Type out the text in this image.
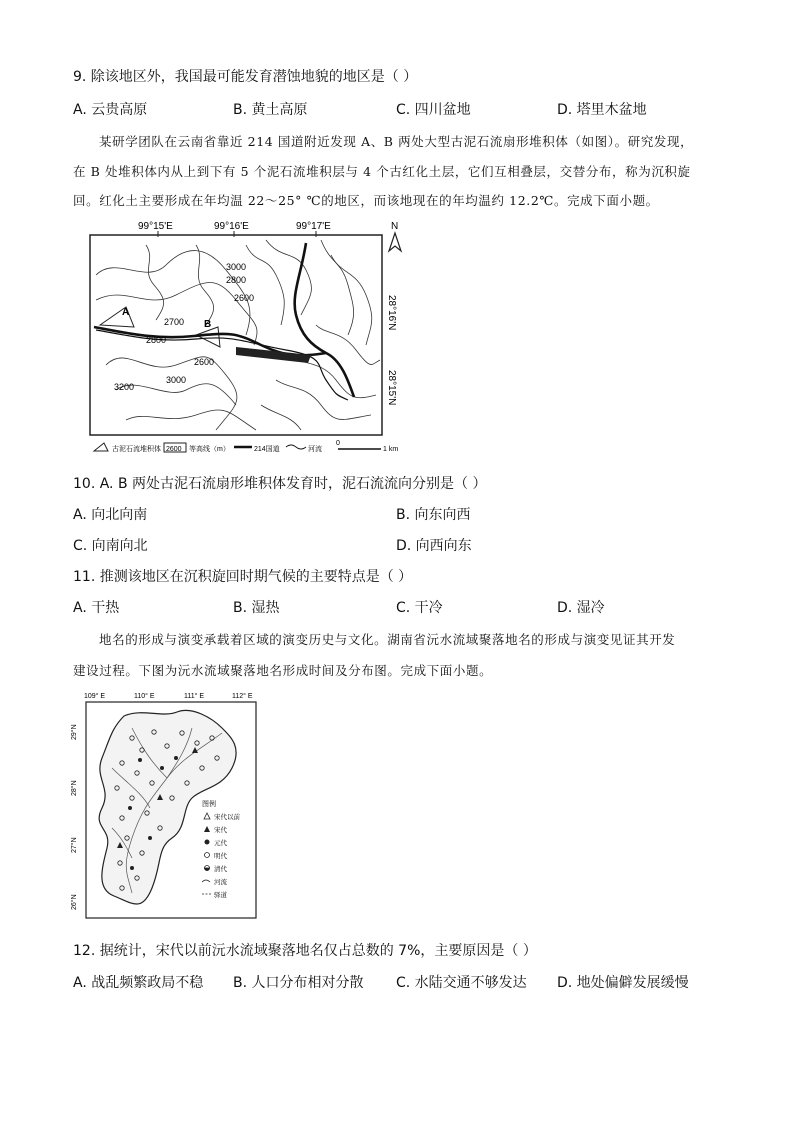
9. 除该地区外，我国最可能发育潜蚀地貌的地区是（ ）
A. 云贵高原	B. 黄土高原	C. 四川盆地	D. 塔里木盆地
某研学团队在云南省靠近 214 国道附近发现 A、B 两处大型古泥石流扇形堆积体（如图）。研究发现，
在 B 处堆积体内从上到下有 5 个泥石流堆积层与 4 个古红化土层，它们互相叠层，交替分布，称为沉积旋
回。红化土主要形成在年均温 22～25° ℃的地区，而该地现在的年均温约 12.2℃。完成下面小题。
99°15'E	99°16'E	99°17'E	N
28°16'N
28°15'N
A
B
3000
2800
2600
2700
2800
2600
3000
3200
古泥石流堆积体 2600 等高线（m）	214国道	河流
0
1 km
10. A. B 两处古泥石流扇形堆积体发育时，泥石流流向分别是（ ）
A. 向北向南	B. 向东向西
C. 向南向北	D. 向西向东
11. 推测该地区在沉积旋回时期气候的主要特点是（ ）
A. 干热	B. 湿热	C. 干冷	D. 湿冷
地名的形成与演变承载着区域的演变历史与文化。湖南省沅水流域聚落地名的形成与演变见证其开发
建设过程。下图为沅水流域聚落地名形成时间及分布图。完成下面小题。
109° E	110° E	111° E	112° E
29°N
28°N
27°N
26°N
图例
宋代以前
宋代
元代
明代
清代
河流
驿道
12. 据统计，宋代以前沅水流域聚落地名仅占总数的 7%，主要原因是（ ）
A. 战乱频繁政局不稳 B. 人口分布相对分散 C. 水陆交通不够发达 D. 地处偏僻发展缓慢
